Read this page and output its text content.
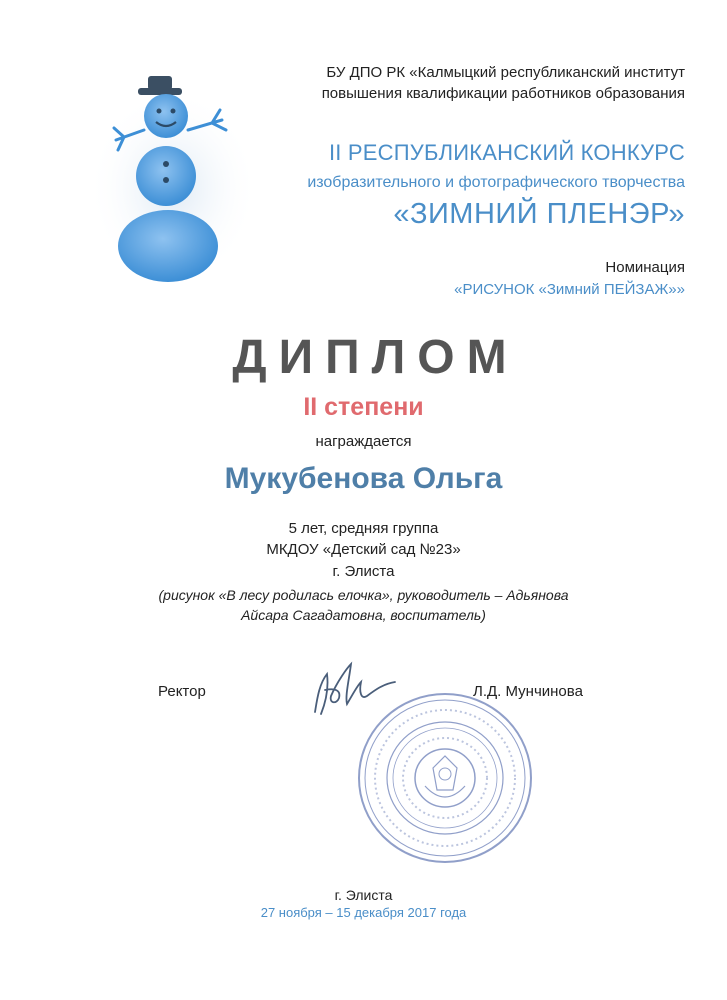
БУ ДПО РК «Калмыцкий республиканский институт
повышения квалификации работников образования
II РЕСПУБЛИКАНСКИЙ КОНКУРС
изобразительного и фотографического творчества
«ЗИМНИЙ ПЛЕНЭР»
Номинация
«РИСУНОК «Зимний ПЕЙЗАЖ»»
ДИПЛОМ
II степени
награждается
Мукубенова Ольга
5 лет, средняя группа
МКДОУ «Детский сад №23»
г. Элиста
(рисунок «В лесу родилась елочка», руководитель – Адьянова
Айсара Сагадатовна, воспитатель)
Ректор	Л.Д. Мунчинова
г. Элиста
27 ноября – 15 декабря 2017 года
